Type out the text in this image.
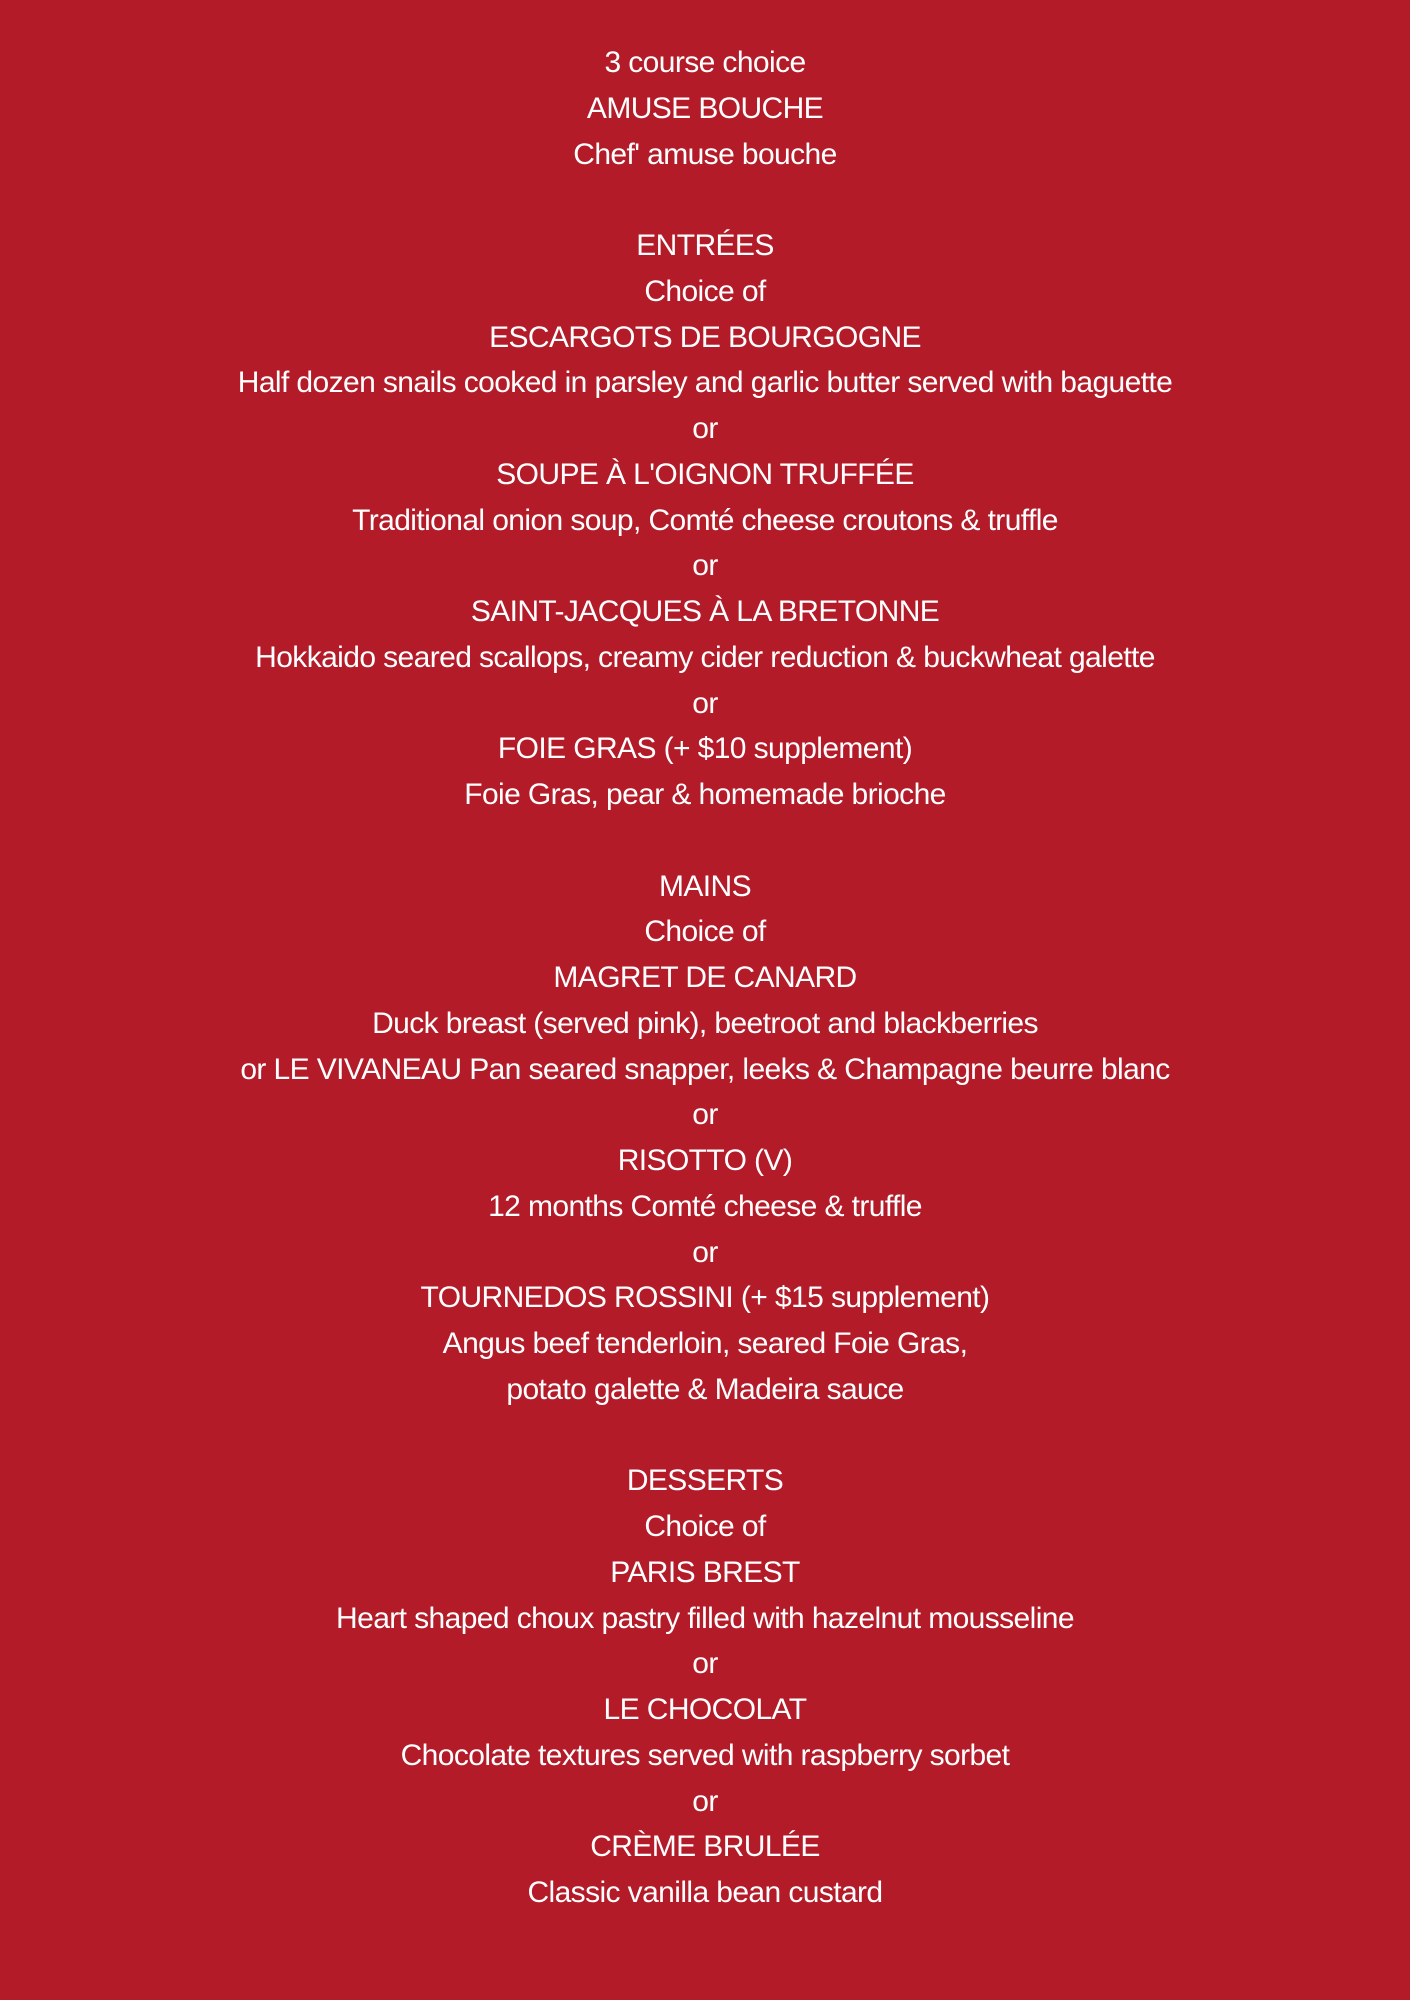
3 course choice
AMUSE BOUCHE
Chef' amuse bouche
ENTRÉES
Choice of
ESCARGOTS DE BOURGOGNE
Half dozen snails cooked in parsley and garlic butter served with baguette
or
SOUPE À L'OIGNON TRUFFÉE
Traditional onion soup, Comté cheese croutons & truffle
or
SAINT-JACQUES À LA BRETONNE
Hokkaido seared scallops, creamy cider reduction & buckwheat galette
or
FOIE GRAS (+ $10 supplement)
Foie Gras, pear & homemade brioche
MAINS
Choice of
MAGRET DE CANARD
Duck breast (served pink), beetroot and blackberries
or LE VIVANEAU Pan seared snapper, leeks & Champagne beurre blanc
or
RISOTTO (V)
12 months Comté cheese & truffle
or
TOURNEDOS ROSSINI (+ $15 supplement)
Angus beef tenderloin, seared Foie Gras,
potato galette & Madeira sauce
DESSERTS
Choice of
PARIS BREST
Heart shaped choux pastry filled with hazelnut mousseline
or
LE CHOCOLAT
Chocolate textures served with raspberry sorbet
or
CRÈME BRULÉE
Classic vanilla bean custard
